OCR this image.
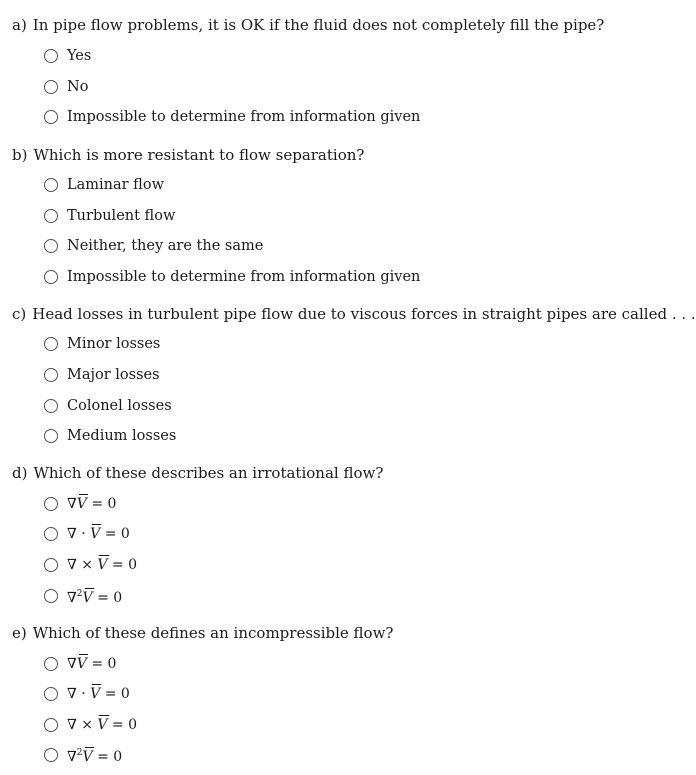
a) In pipe flow problems, it is OK if the fluid does not completely fill the pipe?
Yes
No
Impossible to determine from information given
b) Which is more resistant to flow separation?
Laminar flow
Turbulent flow
Neither, they are the same
Impossible to determine from information given
c) Head losses in turbulent pipe flow due to viscous forces in straight pipes are called . . .
Minor losses
Major losses
Colonel losses
Medium losses
d) Which of these describes an irrotational flow?
∇V
= 0
∇ · V
= 0
∇ × V
= 0
∇$^2$V
= 0
e) Which of these defines an incompressible flow?
∇V
= 0
∇ · V
= 0
∇ × V
= 0
∇$^2$V
= 0
